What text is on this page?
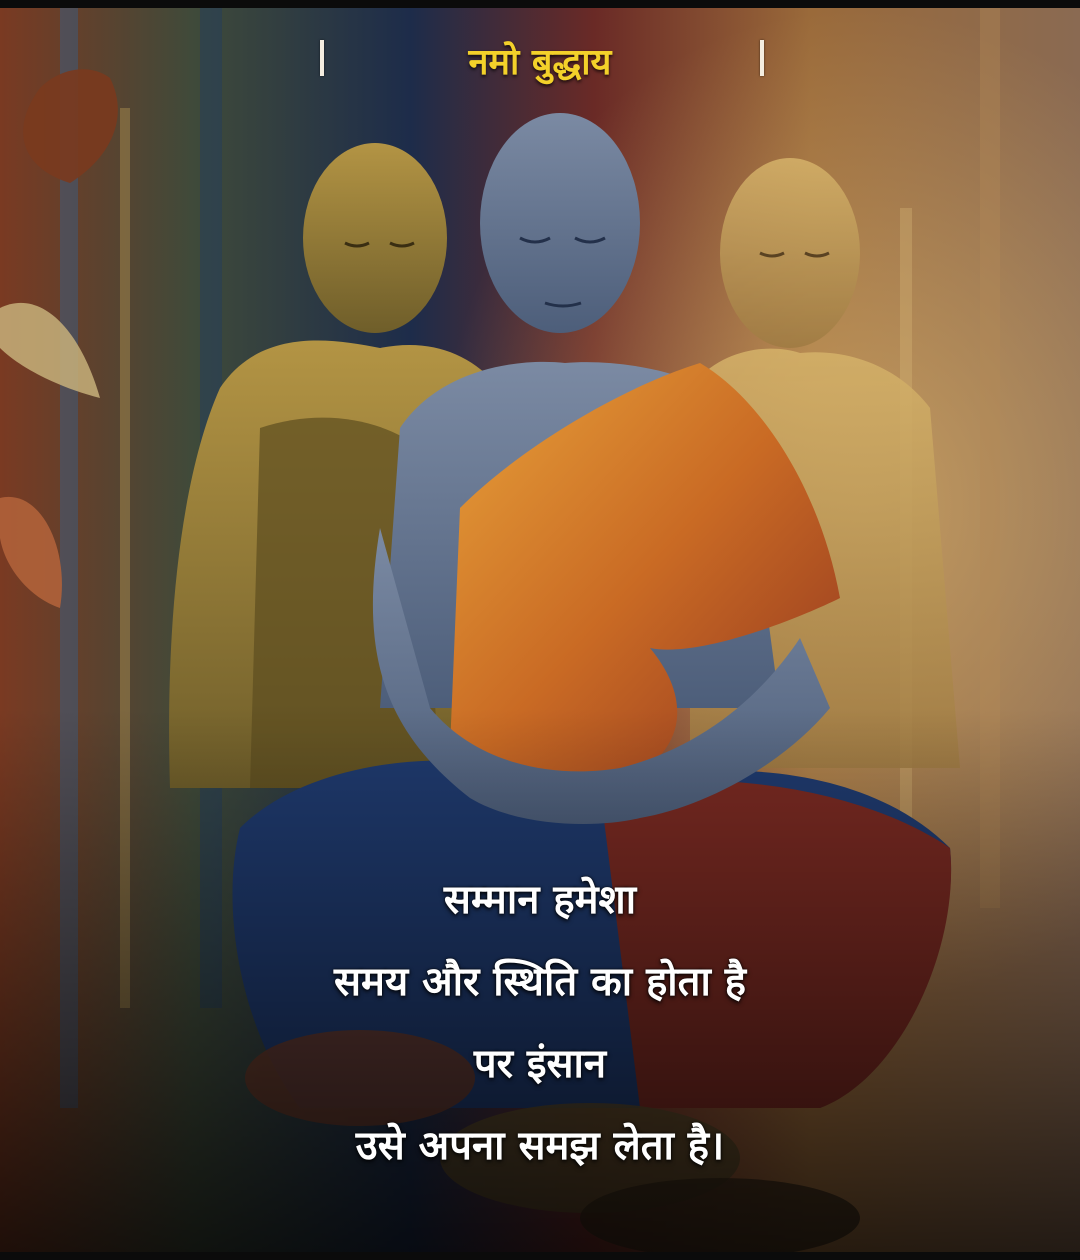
नमो बुद्धाय
सम्मान हमेशा
समय और स्थिति का होता है
पर इंसान
उसे अपना समझ लेता है।
